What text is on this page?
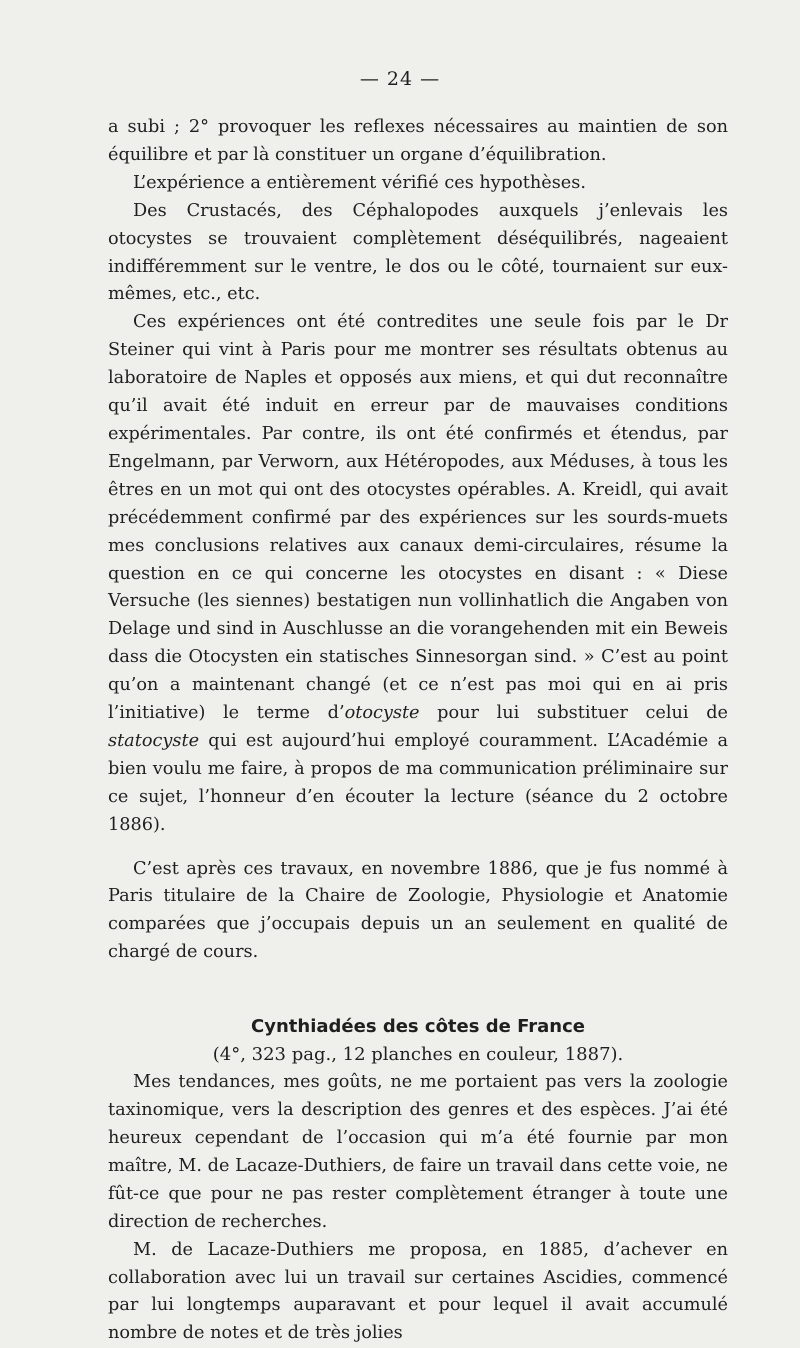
— 24 —

a subi ; 2° provoquer les reflexes nécessaires au maintien de son équilibre et par là constituer un organe d’équilibration.

L’expérience a entièrement vérifié ces hypothèses.

Des Crustacés, des Céphalopodes auxquels j’enlevais les otocystes se trouvaient complètement déséquilibrés, nageaient indifféremment sur le ventre, le dos ou le côté, tournaient sur eux-mêmes, etc., etc.

Ces expériences ont été contredites une seule fois par le Dr Steiner qui vint à Paris pour me montrer ses résultats obtenus au laboratoire de Naples et opposés aux miens, et qui dut reconnaître qu’il avait été induit en erreur par de mauvaises conditions expérimentales. Par contre, ils ont été confirmés et étendus, par Engelmann, par Verworn, aux Hétéropodes, aux Méduses, à tous les êtres en un mot qui ont des otocystes opérables. A. Kreidl, qui avait précédemment confirmé par des expériences sur les sourds-muets mes conclusions relatives aux canaux demi-circulaires, résume la question en ce qui concerne les otocystes en disant : « Diese Versuche (les siennes) bestatigen nun vollinhatlich die Angaben von Delage und sind in Auschlusse an die vorangehenden mit ein Beweis dass die Otocysten ein statisches Sinnesorgan sind. » C’est au point qu’on a maintenant changé (et ce n’est pas moi qui en ai pris l’initiative) le terme d’otocyste pour lui substituer celui de statocyste qui est aujourd’hui employé couramment. L’Académie a bien voulu me faire, à propos de ma communication préliminaire sur ce sujet, l’honneur d’en écouter la lecture (séance du 2 octobre 1886).

C’est après ces travaux, en novembre 1886, que je fus nommé à Paris titulaire de la Chaire de Zoologie, Physiologie et Anatomie comparées que j’occupais depuis un an seulement en qualité de chargé de cours.

Cynthiadées des côtes de France

(4°, 323 pag., 12 planches en couleur, 1887).

Mes tendances, mes goûts, ne me portaient pas vers la zoologie taxinomique, vers la description des genres et des espèces. J’ai été heureux cependant de l’occasion qui m’a été fournie par mon maître, M. de Lacaze-Duthiers, de faire un travail dans cette voie, ne fût-ce que pour ne pas rester complètement étranger à toute une direction de recherches.

M. de Lacaze-Duthiers me proposa, en 1885, d’achever en collaboration avec lui un travail sur certaines Ascidies, commencé par lui longtemps auparavant et pour lequel il avait accumulé nombre de notes et de très jolies
